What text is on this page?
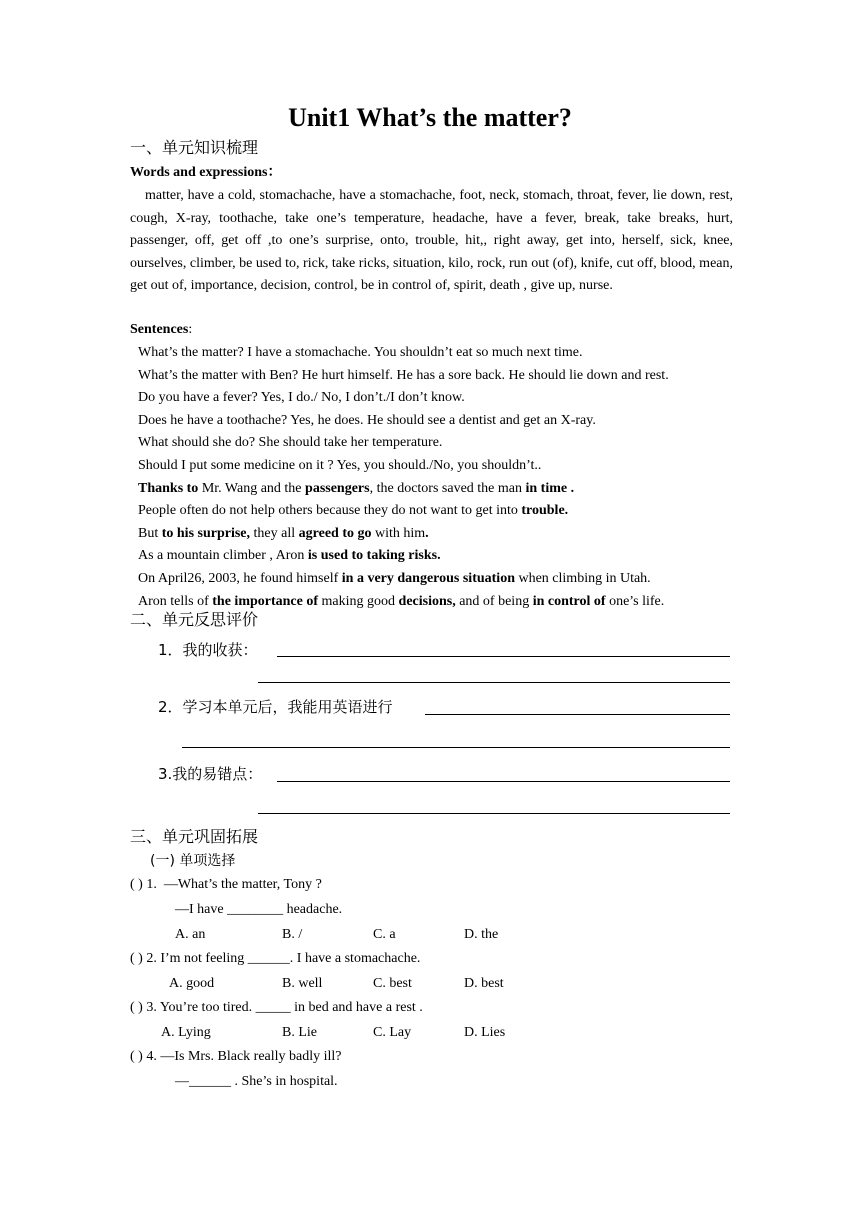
Unit1 What’s the matter?
一、单元知识梳理
Words and expressions：
matter, have a cold, stomachache, have a stomachache, foot, neck, stomach, throat, fever, lie down, rest, cough, X-ray, toothache, take one’s temperature, headache, have a fever, break, take breaks, hurt, passenger, off, get off ,to one’s surprise, onto, trouble, hit,, right away, get into, herself, sick, knee, ourselves, climber, be used to, rick, take ricks, situation, kilo, rock, run out (of), knife, cut off, blood, mean, get out of, importance, decision, control, be in control of, spirit, death , give up, nurse.
Sentences:
What’s the matter? I have a stomachache. You shouldn’t eat so much next time.
What’s the matter with Ben? He hurt himself. He has a sore back. He should lie down and rest.
Do you have a fever? Yes, I do./ No, I don’t./I don’t know.
Does he have a toothache? Yes, he does. He should see a dentist and get an X-ray.
What should she do? She should take her temperature.
Should I put some medicine on it ? Yes, you should./No, you shouldn’t..
Thanks to Mr. Wang and the passengers, the doctors saved the man in time .
People often do not help others because they do not want to get into trouble.
But to his surprise, they all agreed to go with him.
As a mountain climber , Aron is used to taking risks.
On April26, 2003, he found himself in a very dangerous situation when climbing in Utah.
Aron tells of the importance of making good decisions, and of being in control of one’s life.
二、单元反思评价
1．我的收获：
2．学习本单元后，我能用英语进行
3.我的易错点：
三、单元巩固拓展
(一) 单项选择
( ) 1. —What’s the matter, Tony ?
—I have ________ headache.
A. an	B. /	C. a	D. the
( ) 2. I’m not feeling ______. I have a stomachache.
A. good	B. well	C. best	D. best
( ) 3. You’re too tired. _____ in bed and have a rest .
A. Lying	B. Lie	C. Lay	D. Lies
( ) 4. —Is Mrs. Black really badly ill?
—______ . She’s in hospital.
